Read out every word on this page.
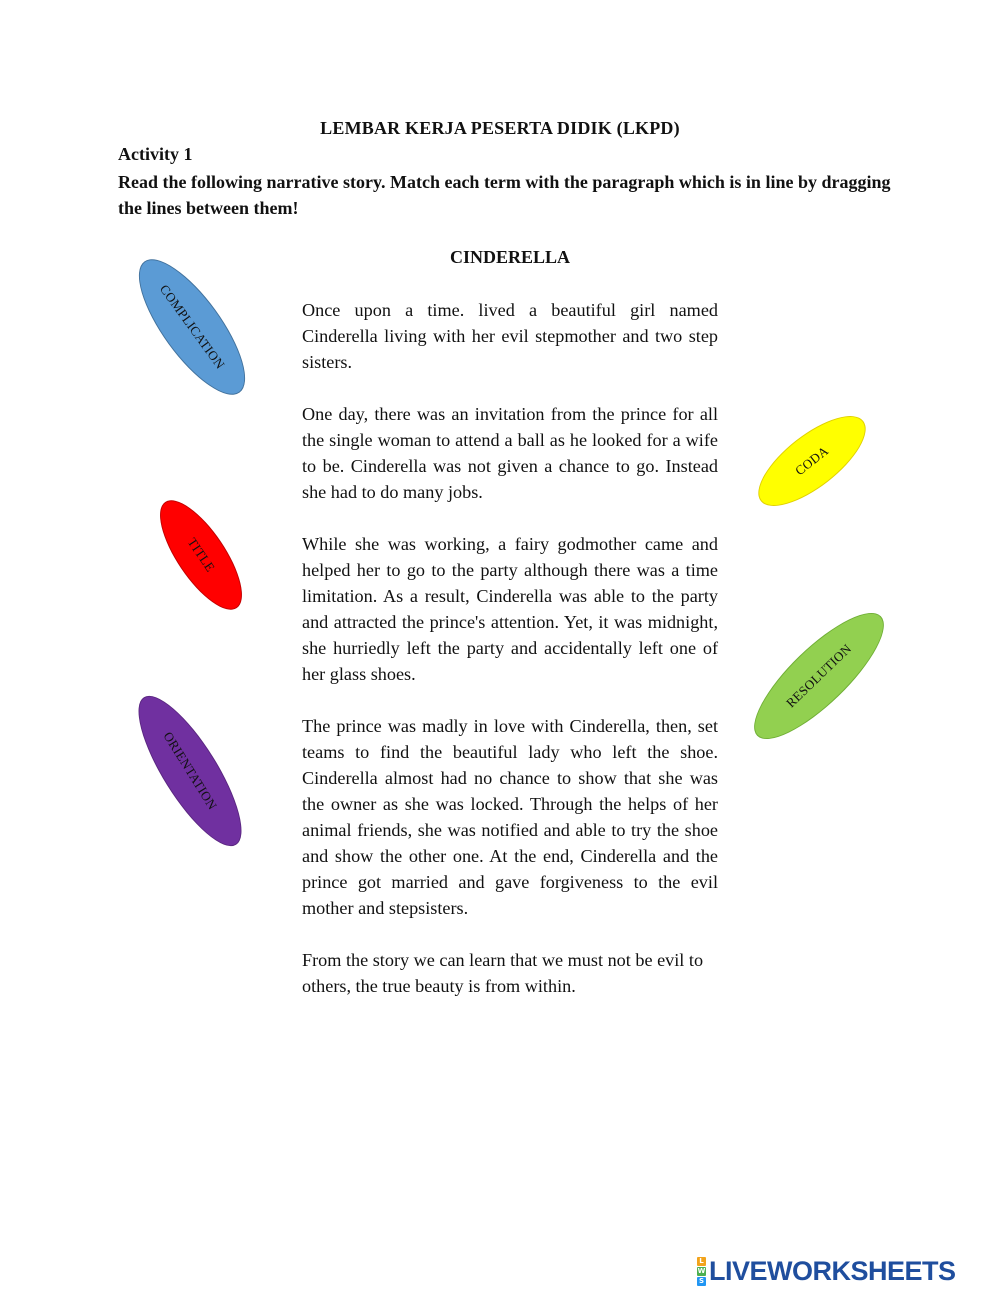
LEMBAR KERJA PESERTA DIDIK (LKPD)
Activity 1
Read the following narrative story. Match each term with the paragraph which is in line by dragging the lines between them!
CINDERELLA

Once upon a time. lived a beautiful girl named Cinderella living with her evil stepmother and two step sisters.

One day, there was an invitation from the prince for all the single woman to attend a ball as he looked for a wife to be. Cinderella was not given a chance to go. Instead she had to do many jobs.

While she was working, a fairy godmother came and helped her to go to the party although there was a time limitation. As a result, Cinderella was able to the party and attracted the prince's attention. Yet, it was midnight, she hurriedly left the party and accidentally left one of her glass shoes.

The prince was madly in love with Cinderella, then, set teams to find the beautiful lady who left the shoe. Cinderella almost had no chance to show that she was the owner as she was locked. Through the helps of her animal friends, she was notified and able to try the shoe and show the other one. At the end, Cinderella and the prince got married and gave forgiveness to the evil mother and stepsisters.

From the story we can learn that we must not be evil to others, the true beauty is from within.

COMPLICATION
TITLE
ORIENTATION
CODA
RESOLUTION
L
W
S LIVEWORKSHEETS
